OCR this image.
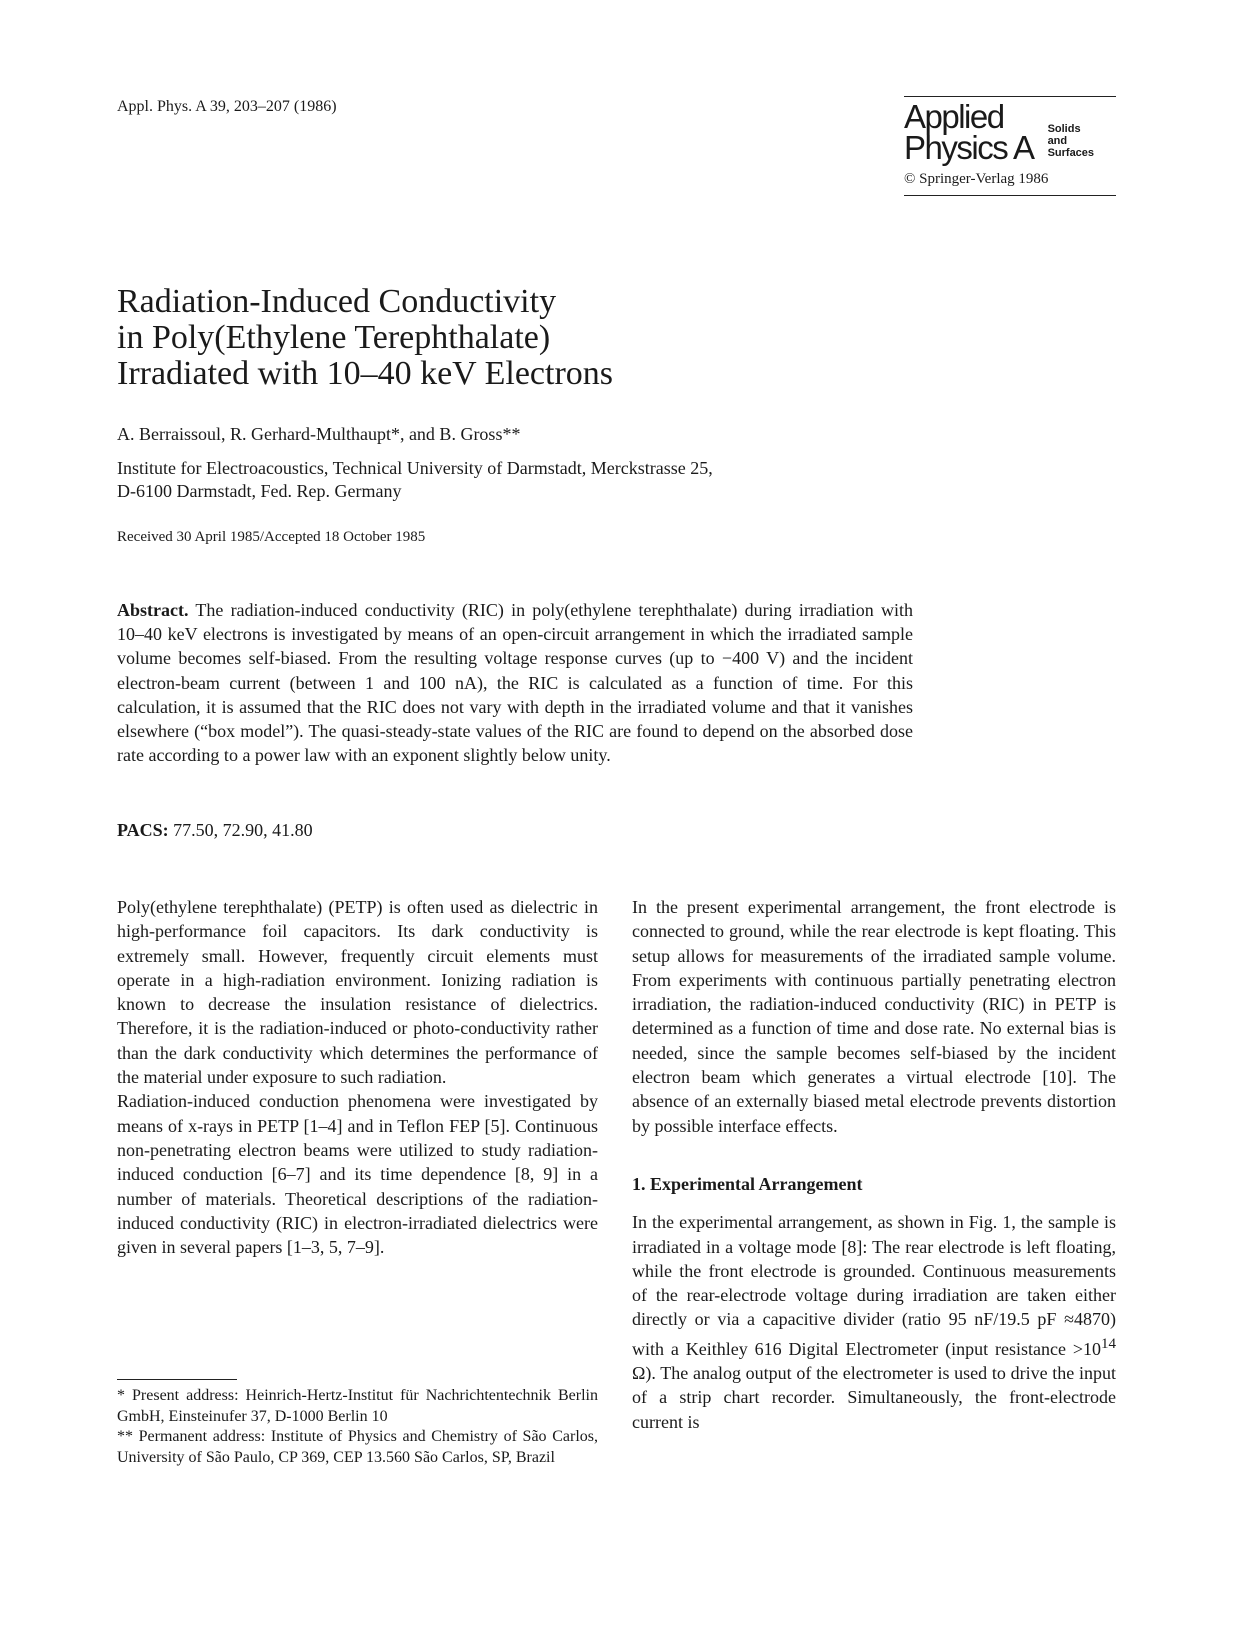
Appl. Phys. A 39, 203–207 (1986)	Applied
Physics A Solids
and
Surfaces
© Springer-Verlag 1986
Radiation-Induced Conductivity
in Poly(Ethylene Terephthalate)
Irradiated with 10–40 keV Electrons
A. Berraissoul, R. Gerhard-Multhaupt*, and B. Gross**
Institute for Electroacoustics, Technical University of Darmstadt, Merckstrasse 25,
D-6100 Darmstadt, Fed. Rep. Germany
Received 30 April 1985/Accepted 18 October 1985
Abstract. The radiation-induced conductivity (RIC) in poly(ethylene terephthalate) during irradiation with 10–40 keV electrons is investigated by means of an open-circuit arrangement in which the irradiated sample volume becomes self-biased. From the resulting voltage response curves (up to −400 V) and the incident electron-beam current (between 1 and 100 nA), the RIC is calculated as a function of time. For this calculation, it is assumed that the RIC does not vary with depth in the irradiated volume and that it vanishes elsewhere (“box model”). The quasi-steady-state values of the RIC are found to depend on the absorbed dose rate according to a power law with an exponent slightly below unity.
PACS: 77.50, 72.90, 41.80

Poly(ethylene terephthalate) (PETP) is often used as dielectric in high-performance foil capacitors. Its dark conductivity is extremely small. However, frequently circuit elements must operate in a high-radiation environment. Ionizing radiation is known to decrease the insulation resistance of dielectrics. Therefore, it is the radiation-induced or photo-conductivity rather than the dark conductivity which determines the performance of the material under exposure to such radiation.

Radiation-induced conduction phenomena were investigated by means of x-rays in PETP [1–4] and in Teflon FEP [5]. Continuous non-penetrating electron beams were utilized to study radiation-induced conduction [6–7] and its time dependence [8, 9] in a number of materials. Theoretical descriptions of the radiation-induced conductivity (RIC) in electron-irradiated dielectrics were given in several papers [1–3, 5, 7–9].

* Present address: Heinrich-Hertz-Institut für Nachrichtentechnik Berlin GmbH, Einsteinufer 37, D-1000 Berlin 10

** Permanent address: Institute of Physics and Chemistry of São Carlos, University of São Paulo, CP 369, CEP 13.560 São Carlos, SP, Brazil

In the present experimental arrangement, the front electrode is connected to ground, while the rear electrode is kept floating. This setup allows for measurements of the irradiated sample volume. From experiments with continuous partially penetrating electron irradiation, the radiation-induced conductivity (RIC) in PETP is determined as a function of time and dose rate. No external bias is needed, since the sample becomes self-biased by the incident electron beam which generates a virtual electrode [10]. The absence of an externally biased metal electrode prevents distortion by possible interface effects.

1. Experimental Arrangement

In the experimental arrangement, as shown in Fig. 1, the sample is irradiated in a voltage mode [8]: The rear electrode is left floating, while the front electrode is grounded. Continuous measurements of the rear-electrode voltage during irradiation are taken either directly or via a capacitive divider (ratio 95 nF/19.5 pF ≈4870) with a Keithley 616 Digital Electrometer (input resistance $>10^{14}$ Ω). The analog output of the electrometer is used to drive the input of a strip chart recorder. Simultaneously, the front-electrode current is
